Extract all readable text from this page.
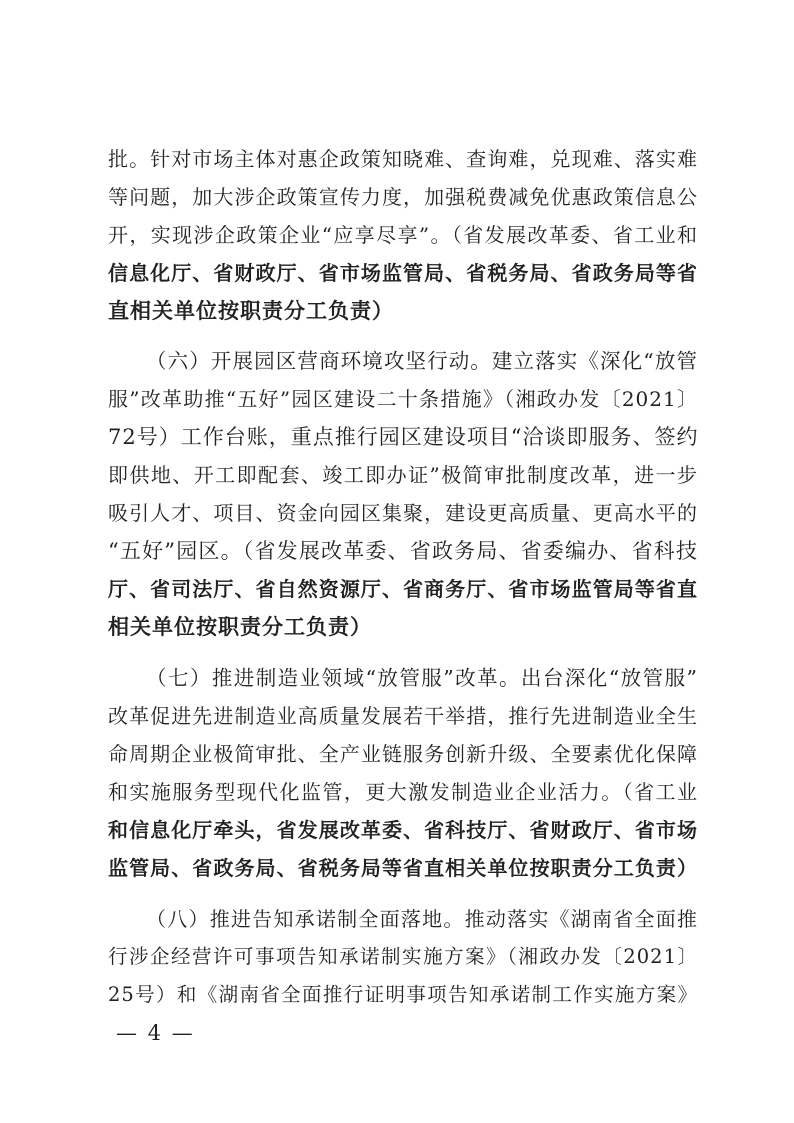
批。针对市场主体对惠企政策知晓难、查询难，兑现难、落实难
等问题，加大涉企政策宣传力度，加强税费减免优惠政策信息公
开，实现涉企政策企业“应享尽享”。（省发展改革委、省工业和
信息化厅、省财政厅、省市场监管局、省税务局、省政务局等省
直相关单位按职责分工负责）
（六）开展园区营商环境攻坚行动。建立落实《深化“放管
服”改革助推“五好”园区建设二十条措施》（湘政办发〔2021〕
72号）工作台账，重点推行园区建设项目“洽谈即服务、签约
即供地、开工即配套、竣工即办证”极简审批制度改革，进一步
吸引人才、项目、资金向园区集聚，建设更高质量、更高水平的
“五好”园区。（省发展改革委、省政务局、省委编办、省科技
厅、省司法厅、省自然资源厅、省商务厅、省市场监管局等省直
相关单位按职责分工负责）
（七）推进制造业领域“放管服”改革。出台深化“放管服”
改革促进先进制造业高质量发展若干举措，推行先进制造业全生
命周期企业极简审批、全产业链服务创新升级、全要素优化保障
和实施服务型现代化监管，更大激发制造业企业活力。（省工业
和信息化厅牵头，省发展改革委、省科技厅、省财政厅、省市场
监管局、省政务局、省税务局等省直相关单位按职责分工负责）
（八）推进告知承诺制全面落地。推动落实《湖南省全面推
行涉企经营许可事项告知承诺制实施方案》（湘政办发〔2021〕
25号）和《湖南省全面推行证明事项告知承诺制工作实施方案》
— 4 —
